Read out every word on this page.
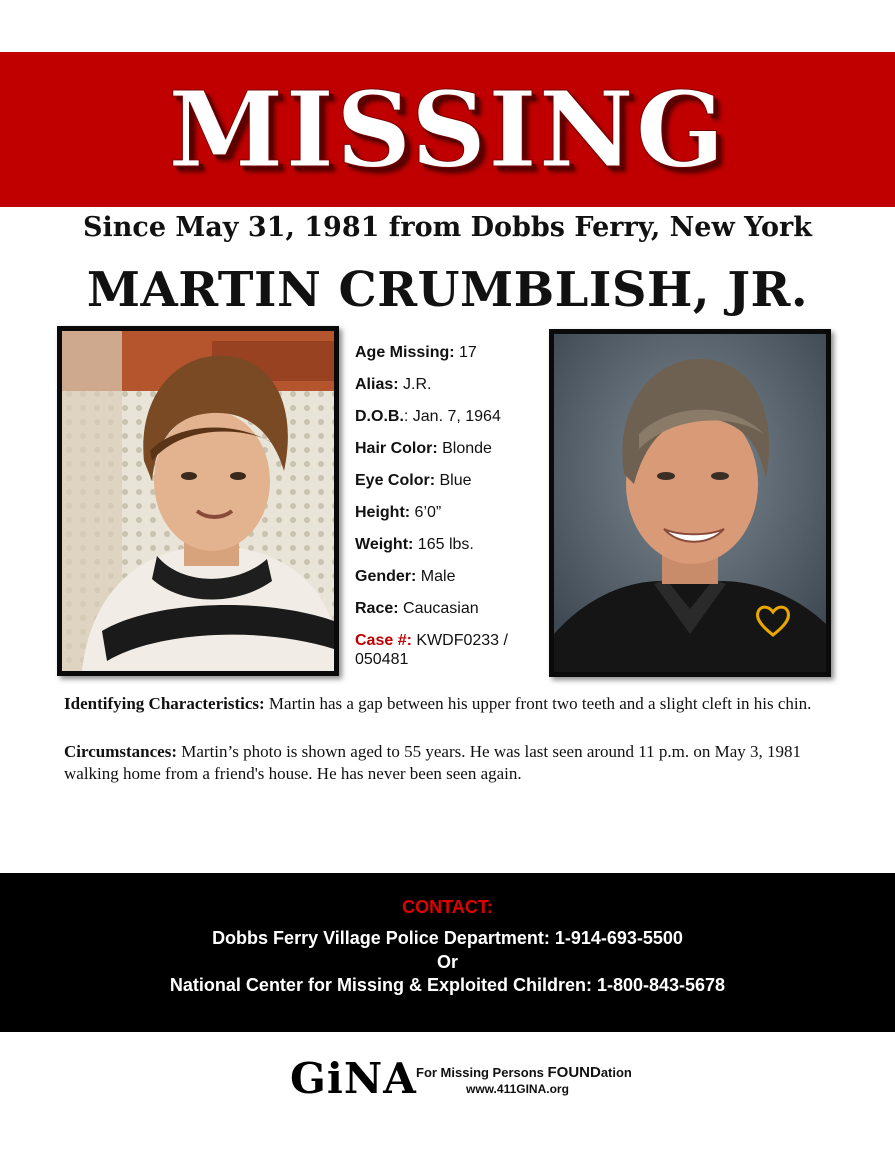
MISSING
Since May 31, 1981 from Dobbs Ferry, New York
MARTIN CRUMBLISH, JR.
Age Missing: 17
Alias: J.R.
D.O.B.: Jan. 7, 1964
Hair Color: Blonde
Eye Color: Blue
Height: 6’0”
Weight: 165 lbs.
Gender: Male
Race: Caucasian
Case #: KWDF0233 / 050481
Identifying Characteristics: Martin has a gap between his upper front two teeth and a slight cleft in his chin.
Circumstances: Martin’s photo is shown aged to 55 years. He was last seen around 11 p.m. on May 3, 1981 walking home from a friend's house. He has never been seen again.
CONTACT:
Dobbs Ferry Village Police Department: 1-914-693-5500
Or
National Center for Missing & Exploited Children: 1-800-843-5678
GiNA For Missing Persons FOUNDation
www.411GINA.org
